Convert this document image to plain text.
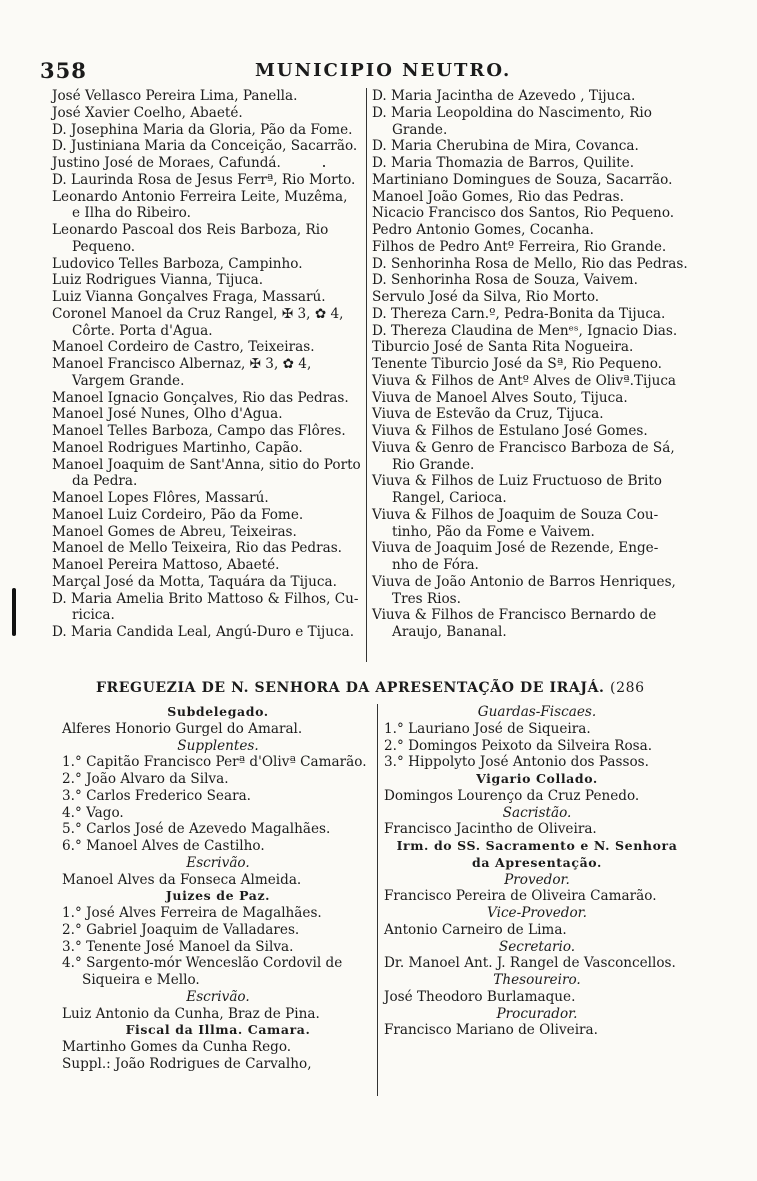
358	MUNICIPIO NEUTRO.
José Vellasco Pereira Lima, Panella.
José Xavier Coelho, Abaeté.
D. Josephina Maria da Gloria, Pão da Fome.
D. Justiniana Maria da Conceição, Sacarrão.
Justino José de Moraes, Cafundá.
D. Laurinda Rosa de Jesus Ferrª, Rio Morto.
Leonardo Antonio Ferreira Leite, Muzêma,
e Ilha do Ribeiro.
Leonardo Pascoal dos Reis Barboza, Rio
Pequeno.
Ludovico Telles Barboza, Campinho.
Luiz Rodrigues Vianna, Tijuca.
Luiz Vianna Gonçalves Fraga, Massarú.
Coronel Manoel da Cruz Rangel, ✠ 3, ✿ 4,
Côrte. Porta d'Agua.
Manoel Cordeiro de Castro, Teixeiras.
Manoel Francisco Albernaz, ✠ 3, ✿ 4,
Vargem Grande.
Manoel Ignacio Gonçalves, Rio das Pedras.
Manoel José Nunes, Olho d'Agua.
Manoel Telles Barboza, Campo das Flôres.
Manoel Rodrigues Martinho, Capão.
Manoel Joaquim de Sant'Anna, sitio do Porto
da Pedra.
Manoel Lopes Flôres, Massarú.
Manoel Luiz Cordeiro, Pão da Fome.
Manoel Gomes de Abreu, Teixeiras.
Manoel de Mello Teixeira, Rio das Pedras.
Manoel Pereira Mattoso, Abaeté.
Marçal José da Motta, Taquára da Tijuca.
D. Maria Amelia Brito Mattoso & Filhos, Cu-
ricica.
D. Maria Candida Leal, Angú-Duro e Tijuca.
D. Maria Jacintha de Azevedo , Tijuca.
D. Maria Leopoldina do Nascimento, Rio
Grande.
D. Maria Cherubina de Mira, Covanca.
D. Maria Thomazia de Barros, Quilite.
Martiniano Domingues de Souza, Sacarrão.
Manoel João Gomes, Rio das Pedras.
Nicacio Francisco dos Santos, Rio Pequeno.
Pedro Antonio Gomes, Cocanha.
Filhos de Pedro Antº Ferreira, Rio Grande.
D. Senhorinha Rosa de Mello, Rio das Pedras.
D. Senhorinha Rosa de Souza, Vaivem.
Servulo José da Silva, Rio Morto.
D. Thereza Carn.º, Pedra-Bonita da Tijuca.
D. Thereza Claudina de Menᵉˢ, Ignacio Dias.
Tiburcio José de Santa Rita Nogueira.
Tenente Tiburcio José da Sª, Rio Pequeno.
Viuva & Filhos de Antº Alves de Olivª.Tijuca
Viuva de Manoel Alves Souto, Tijuca.
Viuva de Estevão da Cruz, Tijuca.
Viuva & Filhos de Estulano José Gomes.
Viuva & Genro de Francisco Barboza de Sá,
Rio Grande.
Viuva & Filhos de Luiz Fructuoso de Brito
Rangel, Carioca.
Viuva & Filhos de Joaquim de Souza Cou-
tinho, Pão da Fome e Vaivem.
Viuva de Joaquim José de Rezende, Enge-
nho de Fóra.
Viuva de João Antonio de Barros Henriques,
Tres Rios.
Viuva & Filhos de Francisco Bernardo de
Araujo, Bananal.
FREGUEZIA DE N. SENHORA DA APRESENTAÇÃO DE IRAJÁ. (286
Subdelegado.
Alferes Honorio Gurgel do Amaral.
Supplentes.
1.° Capitão Francisco Perª d'Olivª Camarão.
2.° João Alvaro da Silva.
3.° Carlos Frederico Seara.
4.° Vago.
5.° Carlos José de Azevedo Magalhães.
6.° Manoel Alves de Castilho.
Escrivão.
Manoel Alves da Fonseca Almeida.
Juizes de Paz.
1.° José Alves Ferreira de Magalhães.
2.° Gabriel Joaquim de Valladares.
3.° Tenente José Manoel da Silva.
4.° Sargento-mór Wenceslão Cordovil de
Siqueira e Mello.
Escrivão.
Luiz Antonio da Cunha, Braz de Pina.
Fiscal da Illma. Camara.
Martinho Gomes da Cunha Rego.
Suppl.: João Rodrigues de Carvalho,
Guardas-Fiscaes.
1.° Lauriano José de Siqueira.
2.° Domingos Peixoto da Silveira Rosa.
3.° Hippolyto José Antonio dos Passos.
Vigario Collado.
Domingos Lourenço da Cruz Penedo.
Sacristão.
Francisco Jacintho de Oliveira.
Irm. do SS. Sacramento e N. Senhora
da Apresentação.
Provedor.
Francisco Pereira de Oliveira Camarão.
Vice-Provedor.
Antonio Carneiro de Lima.
Secretario.
Dr. Manoel Ant. J. Rangel de Vasconcellos.
Thesoureiro.
José Theodoro Burlamaque.
Procurador.
Francisco Mariano de Oliveira.
